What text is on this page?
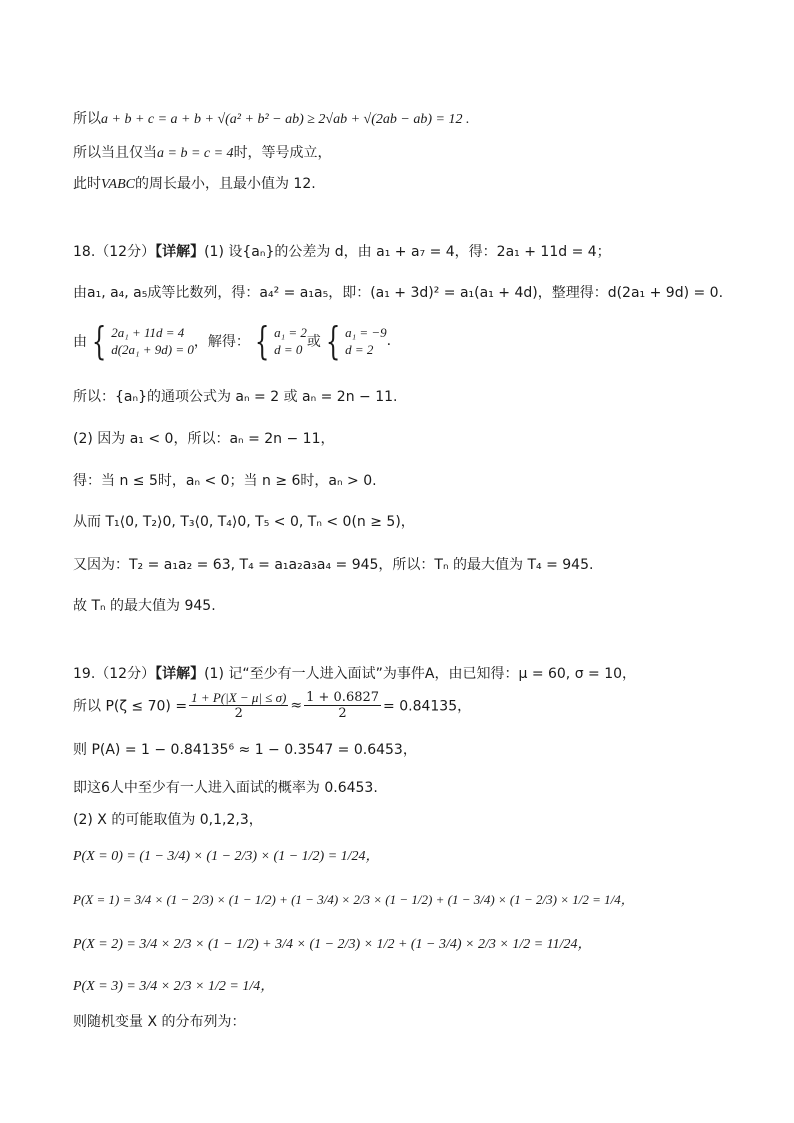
所以a + b + c = a + b + √(a² + b² − ab) ≥ 2√ab + √(2ab − ab) = 12 .
所以当且仅当a = b = c = 4时，等号成立，
此时VABC的周长最小，且最小值为 12.
18.（12分）【详解】(1) 设{aₙ}的公差为 d，由 a₁ + a₇ = 4，得：2a₁ + 11d = 4；
由a₁, a₄, a₅成等比数列，得：a₄² = a₁a₅，即：(a₁ + 3d)² = a₁(a₁ + 4d)，整理得：d(2a₁ + 9d) = 0.
由 { 2a₁ + 11d = 4
d(2a₁ + 9d) = 0，解得： { a₁ = 2
d = 0 或 { a₁ = −9
d = 2.
所以：{aₙ}的通项公式为 aₙ = 2 或 aₙ = 2n − 11.
(2) 因为 a₁ < 0，所以：aₙ = 2n − 11，
得：当 n ≤ 5时，aₙ < 0；当 n ≥ 6时，aₙ > 0.
从而 T₁⟨0, T₂⟩0, T₃⟨0, T₄⟩0, T₅ < 0, Tₙ < 0(n ≥ 5)，
又因为：T₂ = a₁a₂ = 63, T₄ = a₁a₂a₃a₄ = 945，所以：Tₙ 的最大值为 T₄ = 945.
故 Tₙ 的最大值为 945.
19.（12分）【详解】(1) 记“至少有一人进入面试”为事件A，由已知得：μ = 60, σ = 10，
所以 $P(\zeta \le 70) = \frac{1 + P(|X - \mu| \le \sigma)}{2} \approx \frac{1 + 0.6827}{2} = 0.84135$，
则 P(A) = 1 − 0.84135⁶ ≈ 1 − 0.3547 = 0.6453，
即这6人中至少有一人进入面试的概率为 0.6453.
(2) X 的可能取值为 0,1,2,3，
P(X = 0) = (1 − 3/4) × (1 − 2/3) × (1 − 1/2) = 1/24，
P(X = 1) = 3/4 × (1 − 2/3) × (1 − 1/2) + (1 − 3/4) × 2/3 × (1 − 1/2) + (1 − 3/4) × (1 − 2/3) × 1/2 = 1/4，
P(X = 2) = 3/4 × 2/3 × (1 − 1/2) + 3/4 × (1 − 2/3) × 1/2 + (1 − 3/4) × 2/3 × 1/2 = 11/24，
P(X = 3) = 3/4 × 2/3 × 1/2 = 1/4，
则随机变量 X 的分布列为：
